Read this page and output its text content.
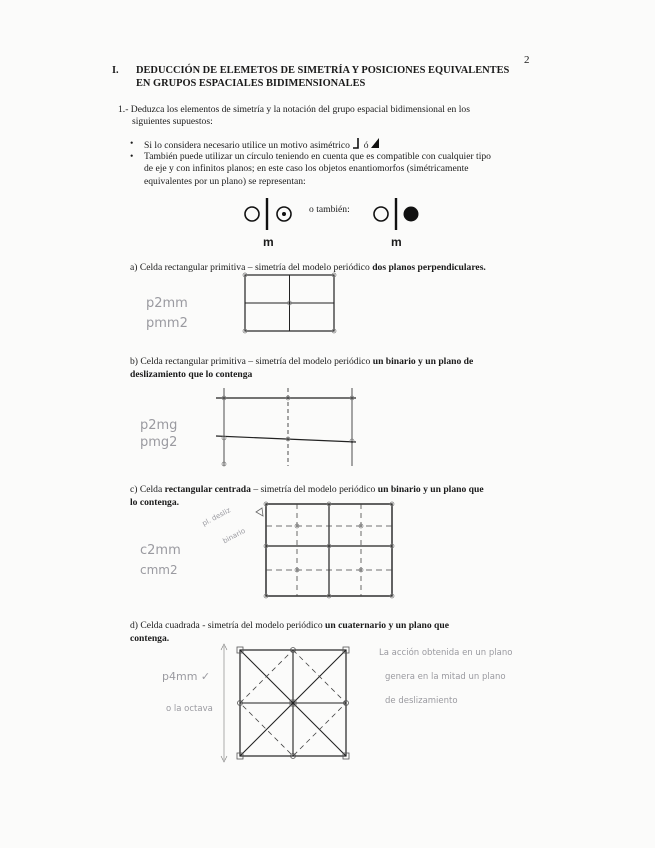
2
I.	DEDUCCIÓN DE ELEMETOS DE SIMETRÍA Y POSICIONES EQUIVALENTES
EN GRUPOS ESPACIALES BIDIMENSIONALES
1.- Deduzca los elementos de simetría y la notación del grupo espacial bidimensional en los
siguientes supuestos:
•	Si lo considera necesario utilice un motivo asimétrico ó
•	También puede utilizar un círculo teniendo en cuenta que es compatible con cualquier tipo
de eje y con infinitos planos; en este caso los objetos enantiomorfos (simétricamente
equivalentes por un plano) se representan:
o también:
m	m
a) Celda rectangular primitiva – simetría del modelo periódico dos planos perpendiculares.
p2mm
pmm2
b) Celda rectangular primitiva – simetría del modelo periódico un binario y un plano de
deslizamiento que lo contenga
p2mg
pmg2
c) Celda rectangular centrada – simetría del modelo periódico un binario y un plano que
lo contenga.
c2mm
cmm2
pl. desliz
binario
d) Celda cuadrada - simetría del modelo periódico un cuaternario y un plano que
contenga.
p4mm ✓
o la octava
La acción obtenida en un plano
genera en la mitad un plano
de deslizamiento
